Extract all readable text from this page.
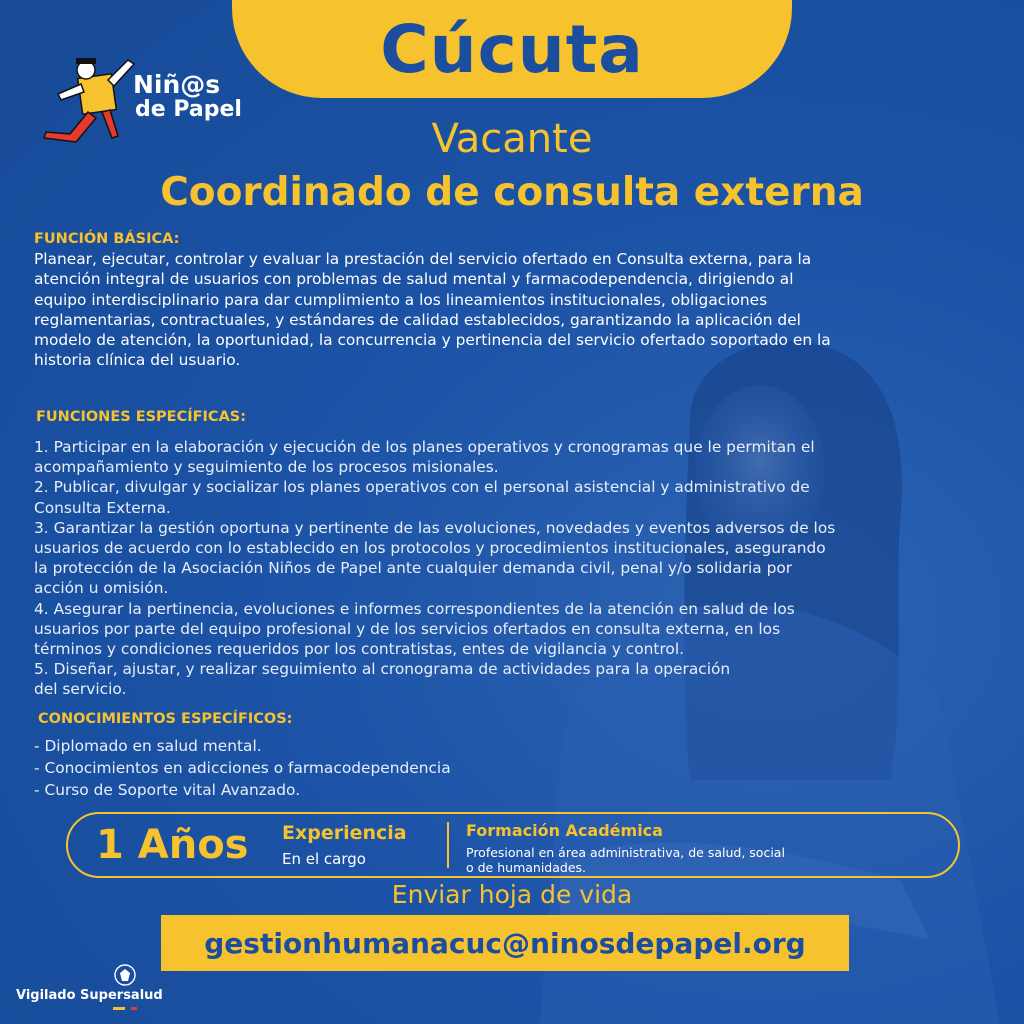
Cúcuta
Niñ@s
de Papel
Vacante
Coordinado de consulta externa
FUNCIÓN BÁSICA:
Planear, ejecutar, controlar y evaluar la prestación del servicio ofertado en Consulta externa, para la
atención integral de usuarios con problemas de salud mental y farmacodependencia, dirigiendo al
equipo interdisciplinario para dar cumplimiento a los lineamientos institucionales, obligaciones
reglamentarias, contractuales, y estándares de calidad establecidos, garantizando la aplicación del
modelo de atención, la oportunidad, la concurrencia y pertinencia del servicio ofertado soportado en la
historia clínica del usuario.
FUNCIONES ESPECÍFICAS:
1. Participar en la elaboración y ejecución de los planes operativos y cronogramas que le permitan el
acompañamiento y seguimiento de los procesos misionales.
2. Publicar, divulgar y socializar los planes operativos con el personal asistencial y administrativo de
Consulta Externa.
3. Garantizar la gestión oportuna y pertinente de las evoluciones, novedades y eventos adversos de los
usuarios de acuerdo con lo establecido en los protocolos y procedimientos institucionales, asegurando
la protección de la Asociación Niños de Papel ante cualquier demanda civil, penal y/o solidaria por
acción u omisión.
4. Asegurar la pertinencia, evoluciones e informes correspondientes de la atención en salud de los
usuarios por parte del equipo profesional y de los servicios ofertados en consulta externa, en los
términos y condiciones requeridos por los contratistas, entes de vigilancia y control.
5. Diseñar, ajustar, y realizar seguimiento al cronograma de actividades para la operación
del servicio.
CONOCIMIENTOS ESPECÍFICOS:
- Diplomado en salud mental.
- Conocimientos en adicciones o farmacodependencia
- Curso de Soporte vital Avanzado.
1 Años Experiencia
En el cargo
Formación Académica
Profesional en área administrativa, de salud, social
o de humanidades.
Enviar hoja de vida
gestionhumanacuc@ninosdepapel.org
Vigilado Supersalud
